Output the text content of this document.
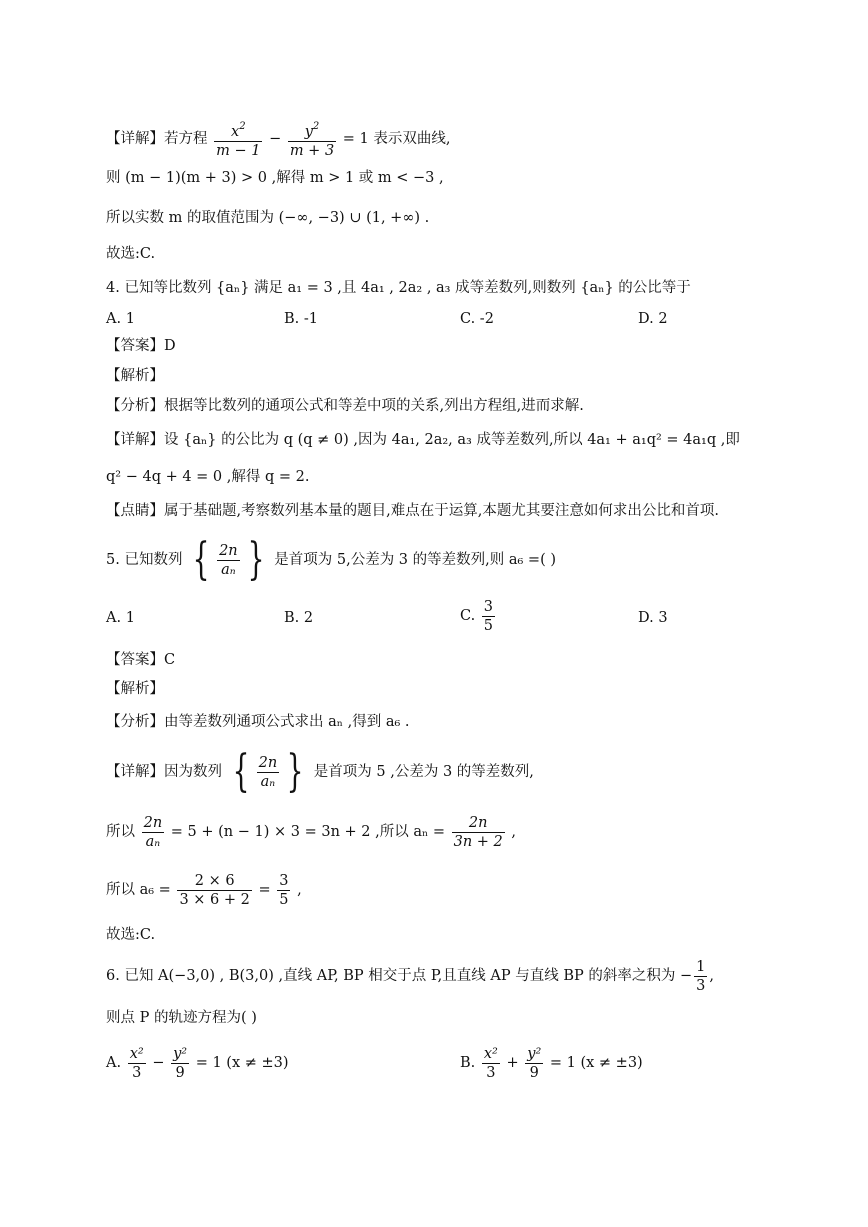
【详解】若方程 $\frac{x^2}{m - 1} - \frac{y^2}{m + 3} = 1$ 表示双曲线,
则 (m − 1)(m + 3) > 0 ,解得 m > 1 或 m < −3 ,
所以实数 m 的取值范围为 (−∞, −3) ∪ (1, +∞) .
故选:C.
4. 已知等比数列 {aₙ} 满足 a₁ = 3 ,且 4a₁ , 2a₂ , a₃ 成等差数列,则数列 {aₙ} 的公比等于
A. 1	B. -1	C. -2	D. 2
【答案】D
【解析】
【分析】根据等比数列的通项公式和等差中项的关系,列出方程组,进而求解.
【详解】设 {aₙ} 的公比为 q (q ≠ 0) ,因为 4a₁, 2a₂, a₃ 成等差数列,所以 4a₁ + a₁q² = 4a₁q ,即
q² − 4q + 4 = 0 ,解得 q = 2.
【点睛】属于基础题,考察数列基本量的题目,难点在于运算,本题尤其要注意如何求出公比和首项.
5. 已知数列 { $\frac{2n}{\text{aₙ}}$ } 是首项为 5,公差为 3 的等差数列,则 a₆ =( )
A. 1	B. 2	C. $\frac{3}{5}$	D. 3
【答案】C
【解析】
【分析】由等差数列通项公式求出 aₙ ,得到 a₆ .
【详解】因为数列 { $\frac{2n}{\text{aₙ}}$ } 是首项为 5 ,公差为 3 的等差数列,
所以 $\frac{2n}{\text{aₙ}} = 5 + (n - 1) \times 3 = 3n + 2$ ,所以 $a_n = \frac{2n}{3n + 2}$ ,
所以 $a_6 = \frac{2 \times 6}{3 \times 6 + 2} = \frac{3}{5}$ ,
故选:C.
6. 已知 A(−3,0) , B(3,0) ,直线 AP, BP 相交于点 P,且直线 AP 与直线 BP 的斜率之积为 − $\frac{1}{3}$ ,
则点 P 的轨迹方程为( )
A. $\frac{\text{x²}}{3} - \frac{\text{y²}}{9} = 1$ (x ≠ ±3)	B. $\frac{\text{x²}}{3} + \frac{\text{y²}}{9} = 1$ (x ≠ ±3)
